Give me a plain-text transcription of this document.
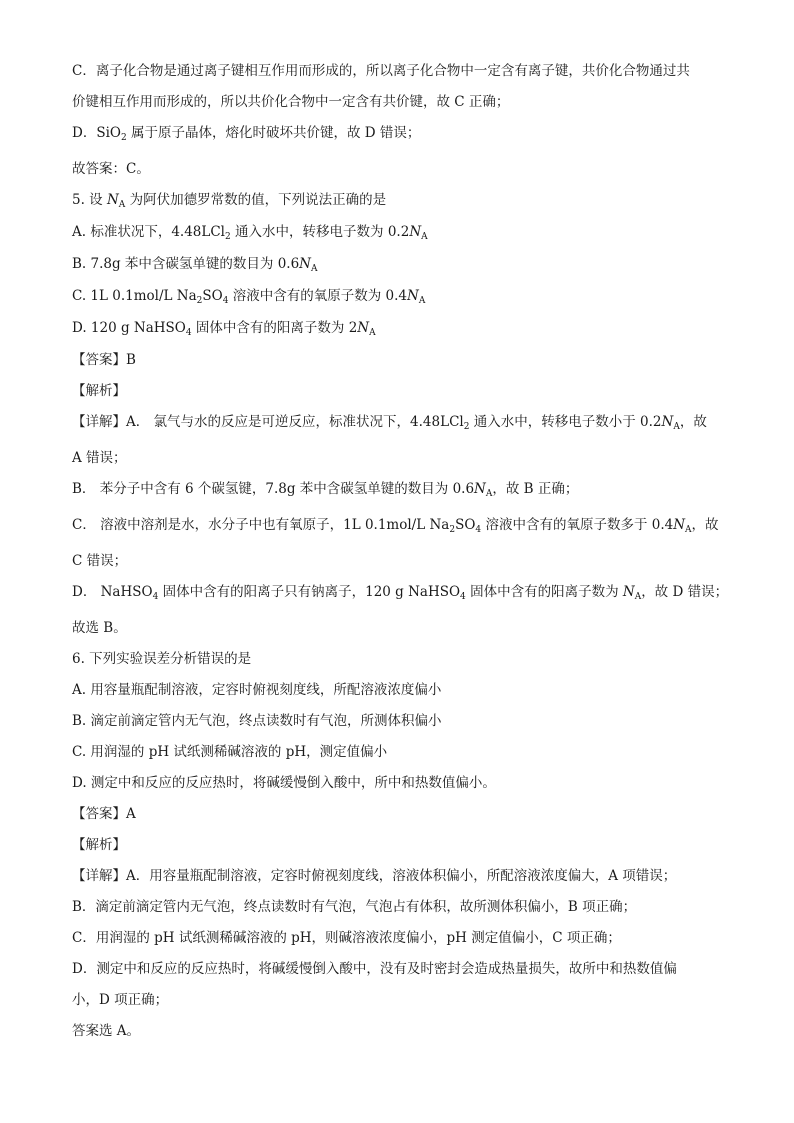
C．离子化合物是通过离子键相互作用而形成的，所以离子化合物中一定含有离子键，共价化合物通过共
价键相互作用而形成的，所以共价化合物中一定含有共价键，故 C 正确；
D．SiO$_2$ 属于原子晶体，熔化时破坏共价键，故 D 错误；
故答案：C。
5. 设 $N_A$ 为阿伏加德罗常数的值，下列说法正确的是
A. 标准状况下，4.48LCl$_2$ 通入水中，转移电子数为 $0.2N_A$
B. 7.8g 苯中含碳氢单键的数目为 $0.6N_A$
C. 1L 0.1mol/L $Na_2SO_4$ 溶液中含有的氧原子数为 $0.4N_A$
D. 120 g NaHSO$_4$ 固体中含有的阳离子数为 $2N_A$
【答案】B
【解析】
【详解】A． 氯气与水的反应是可逆反应，标准状况下，4.48LCl$_2$ 通入水中，转移电子数小于 $0.2N_A$，故
A 错误；
B． 苯分子中含有 6 个碳氢键，7.8g 苯中含碳氢单键的数目为 $0.6N_A$，故 B 正确；
C． 溶液中溶剂是水，水分子中也有氧原子，1L 0.1mol/L $Na_2SO_4$ 溶液中含有的氧原子数多于 $0.4N_A$，故
C 错误；
D． NaHSO$_4$ 固体中含有的阳离子只有钠离子，120 g NaHSO$_4$ 固体中含有的阳离子数为 $N_A$，故 D 错误；
故选 B。
6. 下列实验误差分析错误的是
A. 用容量瓶配制溶液，定容时俯视刻度线，所配溶液浓度偏小
B. 滴定前滴定管内无气泡，终点读数时有气泡，所测体积偏小
C. 用润湿的 pH 试纸测稀碱溶液的 pH，测定值偏小
D. 测定中和反应的反应热时，将碱缓慢倒入酸中，所中和热数值偏小。
【答案】A
【解析】
【详解】A．用容量瓶配制溶液，定容时俯视刻度线，溶液体积偏小，所配溶液浓度偏大，A 项错误；
B．滴定前滴定管内无气泡，终点读数时有气泡，气泡占有体积，故所测体积偏小，B 项正确；
C．用润湿的 pH 试纸测稀碱溶液的 pH，则碱溶液浓度偏小，pH 测定值偏小，C 项正确；
D．测定中和反应的反应热时，将碱缓慢倒入酸中，没有及时密封会造成热量损失，故所中和热数值偏
小，D 项正确；
答案选 A。
